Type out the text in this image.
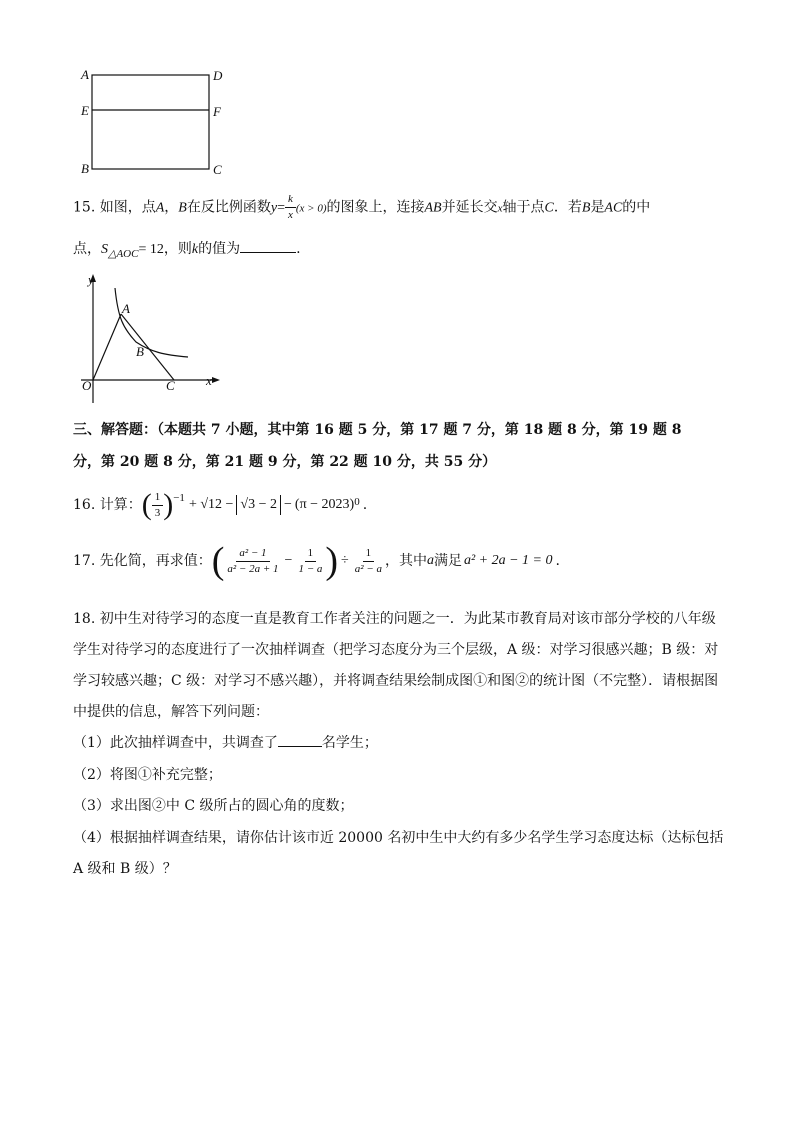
A	D
E	F
B	C
15. 如图，点A，B在反比例函数$y= \frac{k}{x} (x > 0)$的图象上，连接AB并延长交x轴于点C．若B是AC的中
点，$S_{\triangle AOC}= 12$，则k的值为	.
y
A
B
O	C x
三、解答题：（本题共 7 小题，其中第 16 题 5 分，第 17 题 7 分，第 18 题 8 分，第 19 题 8
分，第 20 题 8 分，第 21 题 9 分，第 22 题 10 分，共 55 分）
16.
计算： ( $\frac{1}{3} )^{-1} + √12 - √3 - 2 - (\pi - 2023)^0$ .
17.
先化简，再求值： ( $\frac{\text{a² − 1}}{\text{a² − 2a + 1}} - \frac{1}{1 - a}$ ) ÷ $\frac{1}{\text{a² − a}}$ ，其中 a 满足 a² + 2a − 1 = 0 .
18. 初中生对待学习的态度一直是教育工作者关注的问题之一．为此某市教育局对该市部分学校的八年级
学生对待学习的态度进行了一次抽样调查（把学习态度分为三个层级，A 级：对学习很感兴趣；B 级：对
学习较感兴趣；C 级：对学习不感兴趣），并将调查结果绘制成图①和图②的统计图（不完整）．请根据图
中提供的信息，解答下列问题：
（1）此次抽样调查中，共调查了	名学生；
（2）将图①补充完整；
（3）求出图②中 C 级所占的圆心角的度数；
（4）根据抽样调查结果，请你估计该市近 20000 名初中生中大约有多少名学生学习态度达标（达标包括
A 级和 B 级）？
